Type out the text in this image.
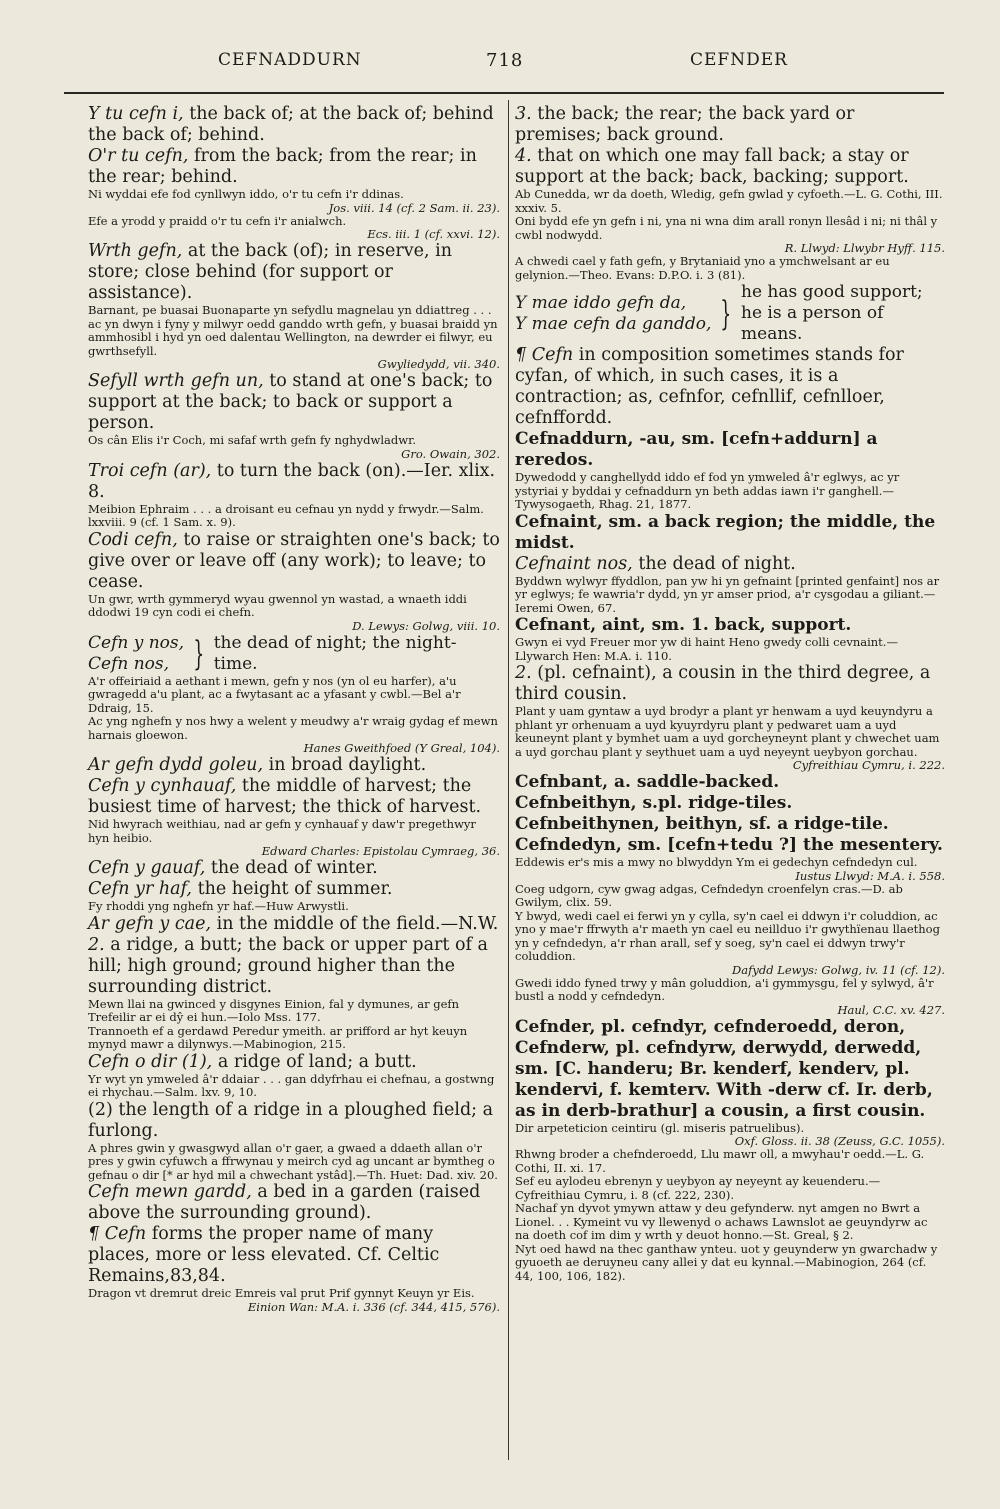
CEFNADDURN	718	CEFNDER
Y tu cefn i, the back of; at the back of; behind the back of; behind.
O'r tu cefn, from the back; from the rear; in the rear; behind.
Ni wyddai efe fod cynllwyn iddo, o'r tu cefn i'r ddinas.
Jos. viii. 14 (cf. 2 Sam. ii. 23).
Efe a yrodd y praidd o'r tu cefn i'r anialwch.
Ecs. iii. 1 (cf. xxvi. 12).
Wrth gefn, at the back (of); in reserve, in store; close behind (for support or assistance).
Barnant, pe buasai Buonaparte yn sefydlu magnelau yn ddiattreg . . . ac yn dwyn i fyny y milwyr oedd ganddo wrth gefn, y buasai braidd yn ammhosibl i hyd yn oed dalentau Wellington, na dewrder ei filwyr, eu gwrthsefyll.
Gwyliedydd, vii. 340.
Sefyll wrth gefn un, to stand at one's back; to support at the back; to back or support a person.
Os cân Elis i'r Coch, mi safaf wrth gefn fy nghydwladwr.
Gro. Owain, 302.
Troi cefn (ar), to turn the back (on).—Ier. xlix. 8.
Meibion Ephraim . . . a droisant eu cefnau yn nydd y frwydr.—Salm. lxxviii. 9 (cf. 1 Sam. x. 9).
Codi cefn, to raise or straighten one's back; to give over or leave off (any work); to leave; to cease.
Un gwr, wrth gymmeryd wyau gwennol yn wastad, a wnaeth iddi ddodwi 19 cyn codi ei chefn.
D. Lewys: Golwg, viii. 10.
Cefn y nos,
Cefn nos, } the dead of night; the night-time.
A'r offeiriaid a aethant i mewn, gefn y nos (yn ol eu harfer), a'u gwragedd a'u plant, ac a fwytasant ac a yfasant y cwbl.—Bel a'r Ddraig, 15.
Ac yng nghefn y nos hwy a welent y meudwy a'r wraig gydag ef mewn harnais gloewon.
Hanes Gweithfoed (Y Greal, 104).
Ar gefn dydd goleu, in broad daylight.
Cefn y cynhauaf, the middle of harvest; the busiest time of harvest; the thick of harvest.
Nid hwyrach weithiau, nad ar gefn y cynhauaf y daw'r pregethwyr hyn heibio.
Edward Charles: Epistolau Cymraeg, 36.
Cefn y gauaf, the dead of winter.
Cefn yr haf, the height of summer.
Fy rhoddi yng nghefn yr haf.—Huw Arwystli.
Ar gefn y cae, in the middle of the field.—N.W.
2. a ridge, a butt; the back or upper part of a hill; high ground; ground higher than the surrounding district.
Mewn llai na gwinced y disgynes Einion, fal y dymunes, ar gefn Trefeilir ar ei dŷ ei hun.—Iolo Mss. 177.
Trannoeth ef a gerdawd Peredur ymeith. ar prifford ar hyt keuyn mynyd mawr a dilynwys.—Mabinogion, 215.
Cefn o dir (1), a ridge of land; a butt.
Yr wyt yn ymweled â'r ddaiar . . . gan ddyfrhau ei chefnau, a gostwng ei rhychau.—Salm. lxv. 9, 10.
(2) the length of a ridge in a ploughed field; a furlong.
A phres gwin y gwasgwyd allan o'r gaer, a gwaed a ddaeth allan o'r pres y gwin cyfuwch a ffrwynau y meirch cyd ag uncant ar bymtheg o gefnau o dir [* ar hyd mil a chwechant ystâd].—Th. Huet: Dad. xiv. 20.
Cefn mewn gardd, a bed in a garden (raised above the surrounding ground).
¶ Cefn forms the proper name of many places, more or less elevated. Cf. Celtic Remains,83,84.
Dragon vt dremrut dreic Emreis val prut Prif gynnyt Keuyn yr Eis.
Einion Wan: M.A. i. 336 (cf. 344, 415, 576).
3. the back; the rear; the back yard or premises; back ground.
4. that on which one may fall back; a stay or support at the back; back, backing; support.
Ab Cunedda, wr da doeth, Wledig, gefn gwlad y cyfoeth.—L. G. Cothi, III. xxxiv. 5.
Oni bydd efe yn gefn i ni, yna ni wna dim arall ronyn llesâd i ni; ni thâl y cwbl nodwydd.
R. Llwyd: Llwybr Hyff. 115.
A chwedi cael y fath gefn, y Brytaniaid yno a ymchwelsant ar eu gelynion.—Theo. Evans: D.P.O. i. 3 (81).
Y mae iddo gefn da,
Y mae cefn da ganddo, }
he has good support; he is a person of means.
¶ Cefn in composition sometimes stands for cyfan, of which, in such cases, it is a contraction; as, cefnfor, cefnllif, cefnlloer, cefnffordd.
Cefnaddurn, -au, sm. [cefn+addurn] a reredos.
Dywedodd y canghellydd iddo ef fod yn ymweled â'r eglwys, ac yr ystyriai y byddai y cefnaddurn yn beth addas iawn i'r ganghell.—Tywysogaeth, Rhag. 21, 1877.
Cefnaint, sm. a back region; the middle, the midst.
Cefnaint nos, the dead of night.
Byddwn wylwyr ffyddlon, pan yw hi yn gefnaint [printed genfaint] nos ar yr eglwys; fe wawria'r dydd, yn yr amser priod, a'r cysgodau a giliant.—Ieremi Owen, 67.
Cefnant, aint, sm. 1. back, support.
Gwyn ei vyd Freuer mor yw di haint Heno gwedy colli cevnaint.—Llywarch Hen: M.A. i. 110.
2. (pl. cefnaint), a cousin in the third degree, a third cousin.
Plant y uam gyntaw a uyd brodyr a plant yr henwam a uyd keuyndyru a phlant yr orhenuam a uyd kyuyrdyru plant y pedwaret uam a uyd keuneynt plant y bymhet uam a uyd gorcheyneynt plant y chwechet uam a uyd gorchau plant y seythuet uam a uyd neyeynt ueybyon gorchau.
Cyfreithiau Cymru, i. 222.
Cefnbant, a. saddle-backed.
Cefnbeithyn, s.pl. ridge-tiles.
Cefnbeithynen, beithyn, sf. a ridge-tile.
Cefndedyn, sm. [cefn+tedu ?] the mesentery.
Eddewis er's mis a mwy no blwyddyn Ym ei gedechyn cefndedyn cul.
Iustus Llwyd: M.A. i. 558.
Coeg udgorn, cyw gwag adgas, Cefndedyn croenfelyn cras.—D. ab Gwilym, clix. 59.
Y bwyd, wedi cael ei ferwi yn y cylla, sy'n cael ei ddwyn i'r coluddion, ac yno y mae'r ffrwyth a'r maeth yn cael eu neillduo i'r gwythïenau llaethog yn y cefndedyn, a'r rhan arall, sef y soeg, sy'n cael ei ddwyn trwy'r coluddion.
Dafydd Lewys: Golwg, iv. 11 (cf. 12).
Gwedi iddo fyned trwy y mân goluddion, a'i gymmysgu, fel y sylwyd, â'r bustl a nodd y cefndedyn.
Haul, C.C. xv. 427.
Cefnder, pl. cefndyr, cefnderoedd, deron, Cefnderw, pl. cefndyrw, derwydd, derwedd, sm. [C. handeru; Br. kenderf, kenderv, pl. kendervi, f. kemterv. With -derw cf. Ir. derb, as in derb-brathur] a cousin, a first cousin.
Dir arpeteticion ceintiru (gl. miseris patruelibus).
Oxf. Gloss. ii. 38 (Zeuss, G.C. 1055).
Rhwng broder a chefnderoedd, Llu mawr oll, a mwyhau'r oedd.—L. G. Cothi, II. xi. 17.
Sef eu aylodeu ebrenyn y ueybyon ay neyeynt ay keuenderu.—Cyfreithiau Cymru, i. 8 (cf. 222, 230).
Nachaf yn dyvot ymywn attaw y deu gefynderw. nyt amgen no Bwrt a Lionel. . . Kymeint vu vy llewenyd o achaws Lawnslot ae geuyndyrw ac na doeth cof im dim y wrth y deuot honno.—St. Greal, § 2.
Nyt oed hawd na thec ganthaw ynteu. uot y geuynderw yn gwarchadw y gyuoeth ae deruyneu cany allei y dat eu kynnal.—Mabinogion, 264 (cf. 44, 100, 106, 182).
